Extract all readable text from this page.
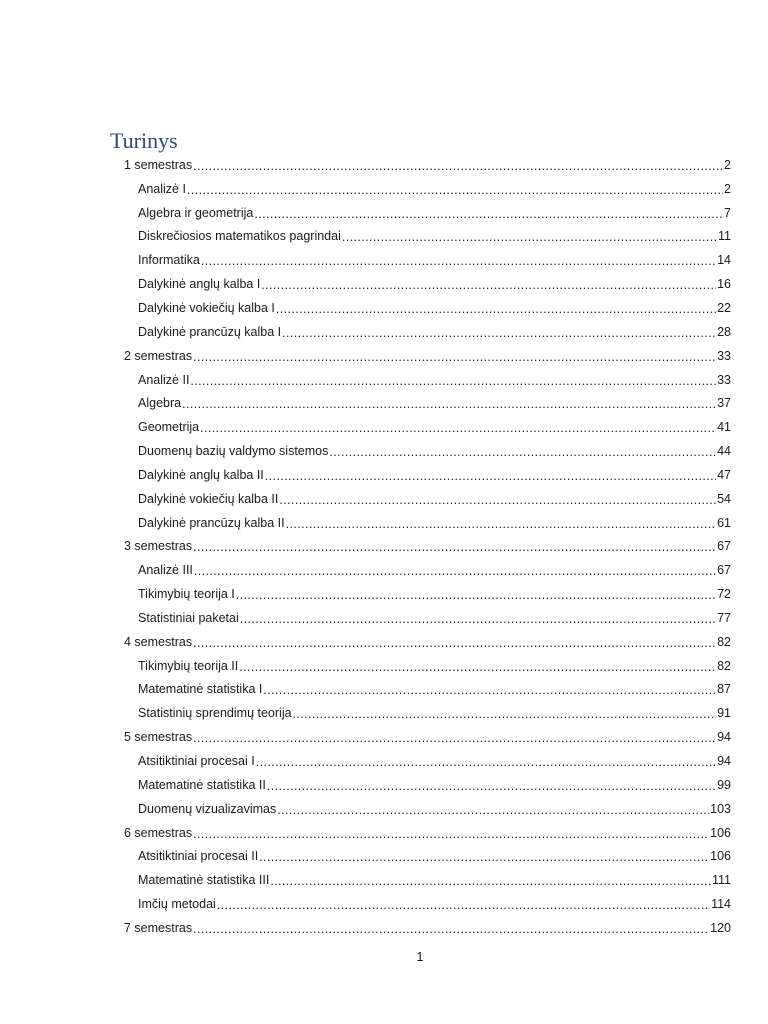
Turinys
1 semestras .....	2
Analizė I .....	2
Algebra ir geometrija .....	7
Diskrečiosios matematikos pagrindai .....	11
Informatika .....	14
Dalykinė anglų kalba I .....	16
Dalykinė vokiečių kalba I .....	22
Dalykinė prancūzų kalba I .....	28
2 semestras .....	33
Analizė II .....	33
Algebra .....	37
Geometrija .....	41
Duomenų bazių valdymo sistemos .....	44
Dalykinė anglų kalba II .....	47
Dalykinė vokiečių kalba II .....	54
Dalykinė prancūzų kalba II .....	61
3 semestras .....	67
Analizė III .....	67
Tikimybių teorija I .....	72
Statistiniai paketai .....	77
4 semestras .....	82
Tikimybių teorija II .....	82
Matematinė statistika I .....	87
Statistinių sprendimų teorija .....	91
5 semestras .....	94
Atsitiktiniai procesai I .....	94
Matematinė statistika II .....	99
Duomenų vizualizavimas .....	103
6 semestras .....	106
Atsitiktiniai procesai II .....	106
Matematinė statistika III .....	111
Imčių metodai .....	114
7 semestras .....	120
1
